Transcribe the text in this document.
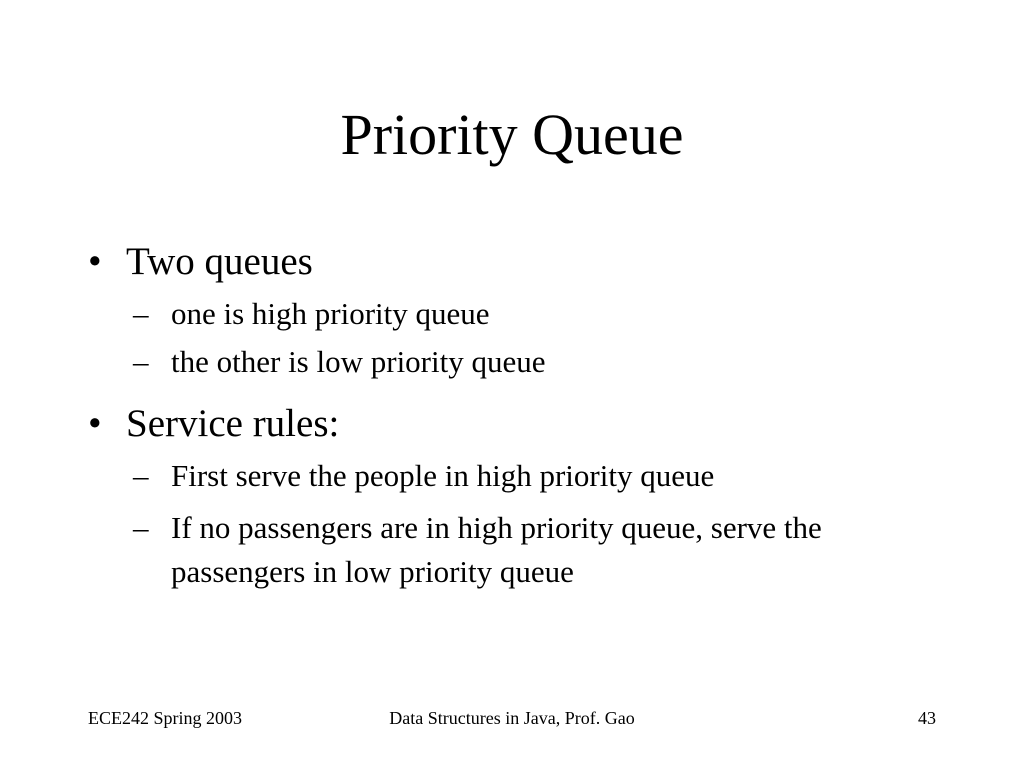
Priority Queue
• Two queues
– one is high priority queue
– the other is low priority queue
• Service rules:
– First serve the people in high priority queue
– If no passengers are in high priority queue, serve the passengers in low priority queue
ECE242 Spring 2003	Data Structures in Java, Prof. Gao	43
